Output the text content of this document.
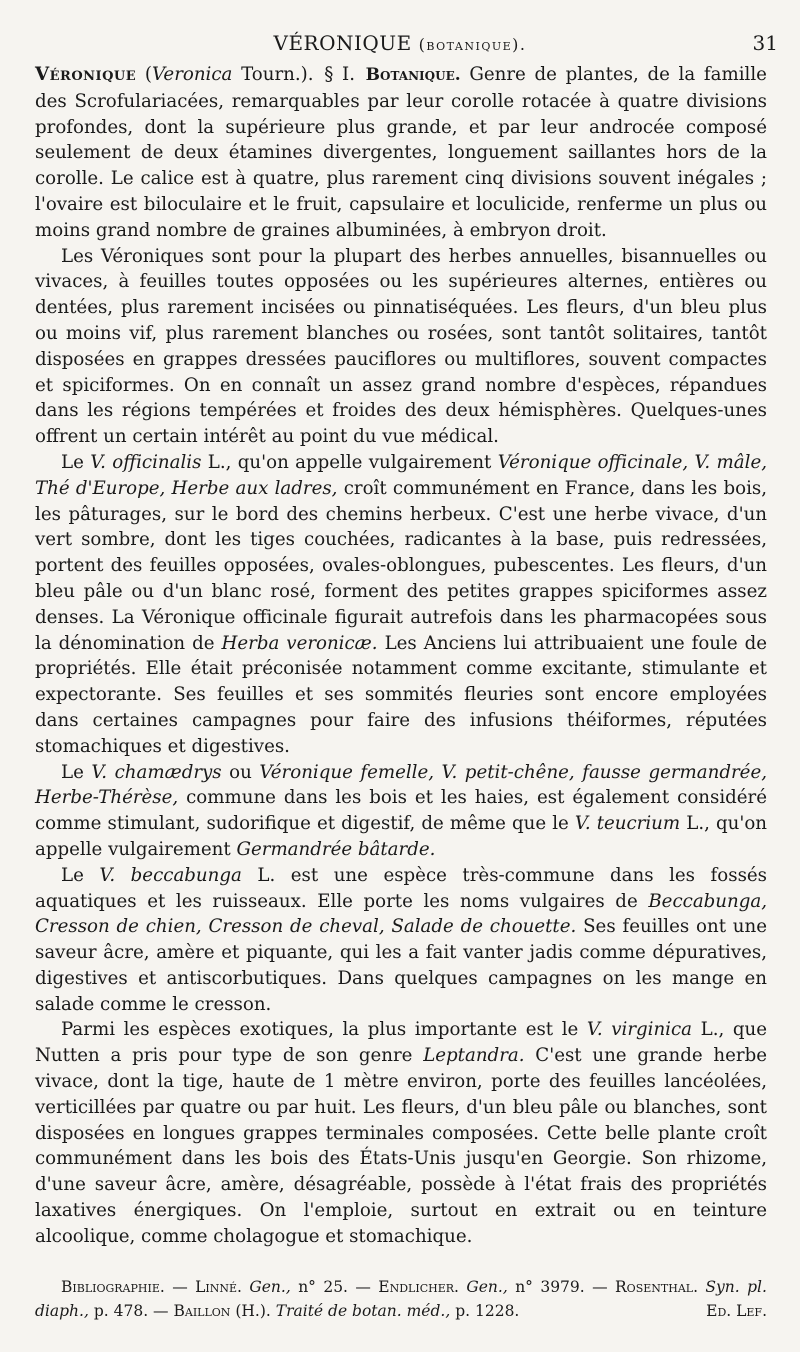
VÉRONIQUE (botanique).	31

Véronique (Veronica Tourn.). § I. Botanique. Genre de plantes, de la famille des Scrofulariacées, remarquables par leur corolle rotacée à quatre divisions profondes, dont la supérieure plus grande, et par leur androcée composé seulement de deux étamines divergentes, longuement saillantes hors de la corolle. Le calice est à quatre, plus rarement cinq divisions souvent inégales ; l'ovaire est biloculaire et le fruit, capsulaire et loculicide, renferme un plus ou moins grand nombre de graines albuminées, à embryon droit.

Les Véroniques sont pour la plupart des herbes annuelles, bisannuelles ou vivaces, à feuilles toutes opposées ou les supérieures alternes, entières ou dentées, plus rarement incisées ou pinnatiséquées. Les fleurs, d'un bleu plus ou moins vif, plus rarement blanches ou rosées, sont tantôt solitaires, tantôt disposées en grappes dressées pauciflores ou multiflores, souvent compactes et spiciformes. On en connaît un assez grand nombre d'espèces, répandues dans les régions tempérées et froides des deux hémisphères. Quelques-unes offrent un certain intérêt au point du vue médical.

Le V. officinalis L., qu'on appelle vulgairement Véronique officinale, V. mâle, Thé d'Europe, Herbe aux ladres, croît communément en France, dans les bois, les pâturages, sur le bord des chemins herbeux. C'est une herbe vivace, d'un vert sombre, dont les tiges couchées, radicantes à la base, puis redressées, portent des feuilles opposées, ovales-oblongues, pubescentes. Les fleurs, d'un bleu pâle ou d'un blanc rosé, forment des petites grappes spiciformes assez denses. La Véronique officinale figurait autrefois dans les pharmacopées sous la dénomination de Herba veronicæ. Les Anciens lui attribuaient une foule de propriétés. Elle était préconisée notamment comme excitante, stimulante et expectorante. Ses feuilles et ses sommités fleuries sont encore employées dans certaines campagnes pour faire des infusions théiformes, réputées stomachiques et digestives.

Le V. chamædrys ou Véronique femelle, V. petit-chêne, fausse germandrée, Herbe-Thérèse, commune dans les bois et les haies, est également considéré comme stimulant, sudorifique et digestif, de même que le V. teucrium L., qu'on appelle vulgairement Germandrée bâtarde.

Le V. beccabunga L. est une espèce très-commune dans les fossés aquatiques et les ruisseaux. Elle porte les noms vulgaires de Beccabunga, Cresson de chien, Cresson de cheval, Salade de chouette. Ses feuilles ont une saveur âcre, amère et piquante, qui les a fait vanter jadis comme dépuratives, digestives et antiscorbutiques. Dans quelques campagnes on les mange en salade comme le cresson.

Parmi les espèces exotiques, la plus importante est le V. virginica L., que Nutten a pris pour type de son genre Leptandra. C'est une grande herbe vivace, dont la tige, haute de 1 mètre environ, porte des feuilles lancéolées, verticillées par quatre ou par huit. Les fleurs, d'un bleu pâle ou blanches, sont disposées en longues grappes terminales composées. Cette belle plante croît communément dans les bois des États-Unis jusqu'en Georgie. Son rhizome, d'une saveur âcre, amère, désagréable, possède à l'état frais des propriétés laxatives énergiques. On l'emploie, surtout en extrait ou en teinture alcoolique, comme cholagogue et stomachique.

Bibliographie. — Linné. Gen., n° 25. — Endlicher. Gen., n° 3979. — Rosenthal. Syn. pl. diaph., p. 478. — Baillon (H.). Traité de botan. méd., p. 1228.	Ed. Lef.
